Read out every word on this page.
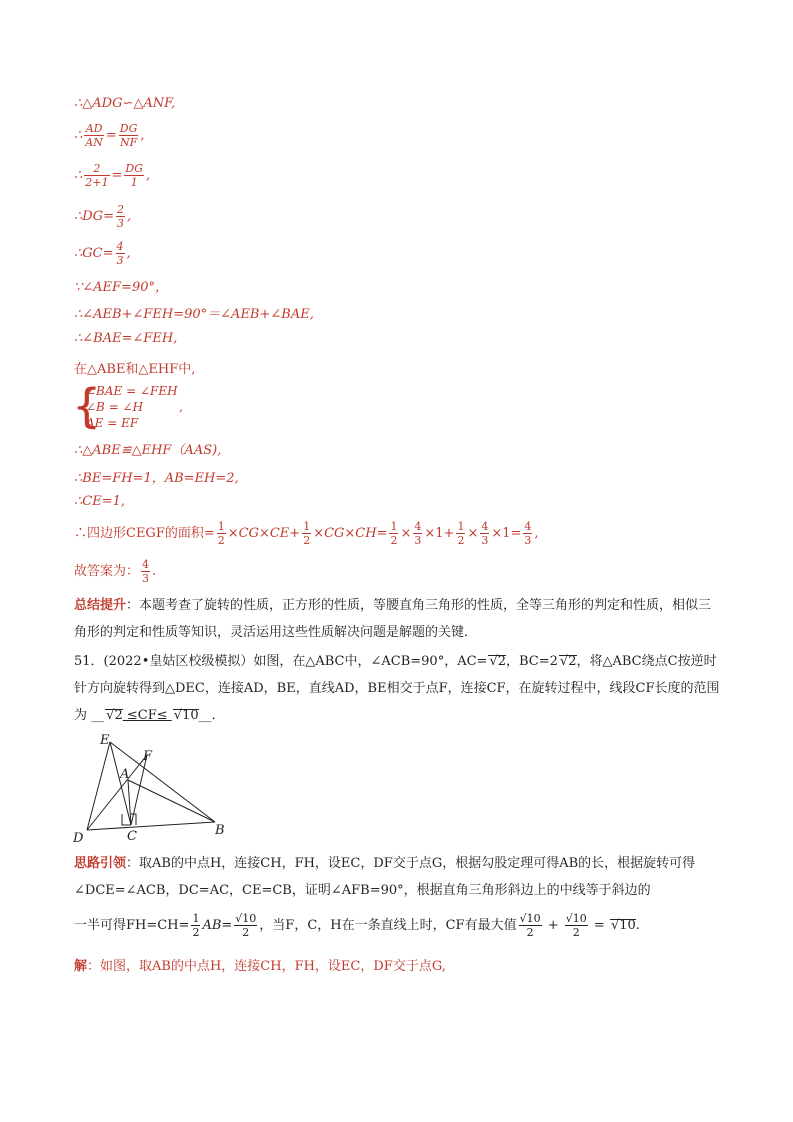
∴△ADG∽△ANF,
∴ $\frac{AD}{AN} = \frac{DG}{NF}$ ,
∴ $\frac{2}{2+1} = \frac{DG}{1}$ ,
∴DG= $\frac{2}{3}$ ,
∴GC= $\frac{4}{3}$ ,
∵∠AEF=90°，
∴∠AEB+∠FEH=90°＝∠AEB+∠BAE,
∴∠BAE=∠FEH,
在△ABE和△EHF中,
{
∠BAE = ∠FEH
∠B = ∠H	,
AE = EF
∴△ABE≌△EHF（AAS),
∴BE=FH=1，AB=EH=2,
∴CE=1,
∴四边形CEGF的面积= $\frac{1}{2} \times CG\times CE+ \frac{1}{2} \times CG\times CH= \frac{1}{2} \times \frac{4}{3} \times 1+ \frac{1}{2} \times \frac{4}{3} \times 1= \frac{4}{3}$ ,
故答案为： $\frac{4}{3}$ .
总结提升：本题考查了旋转的性质，正方形的性质，等腰直角三角形的性质，全等三角形的判定和性质，相似三角形的判定和性质等知识，灵活运用这些性质解决问题是解题的关键．
51．(2022•皇姑区校级模拟）如图，在△ABC中，∠ACB=90°，AC= √2，BC=2 √2，将△ABC绕点C按逆时针方向旋转得到△DEC，连接AD，BE，直线AD，BE相交于点F，连接CF，在旋转过程中，线段CF长度的范围为 __ √2 ≤CF≤ √10__．
E
F
A
D	C	B
思路引领：取AB的中点H，连接CH，FH，设EC，DF交于点G，根据勾股定理可得AB的长，根据旋转可得∠DCE=∠ACB，DC=AC，CE=CB，证明∠AFB=90°，根据直角三角形斜边上的中线等于斜边的
一半可得$FH=CH= \frac{1}{2} AB= \frac{√10}{2}$ ，当F，C，H在一条直线上时，CF有最大值 $\frac{√10}{2} + \frac{√10}{2} = √10$.
解：如图，取AB的中点H，连接CH，FH，设EC，DF交于点G,
